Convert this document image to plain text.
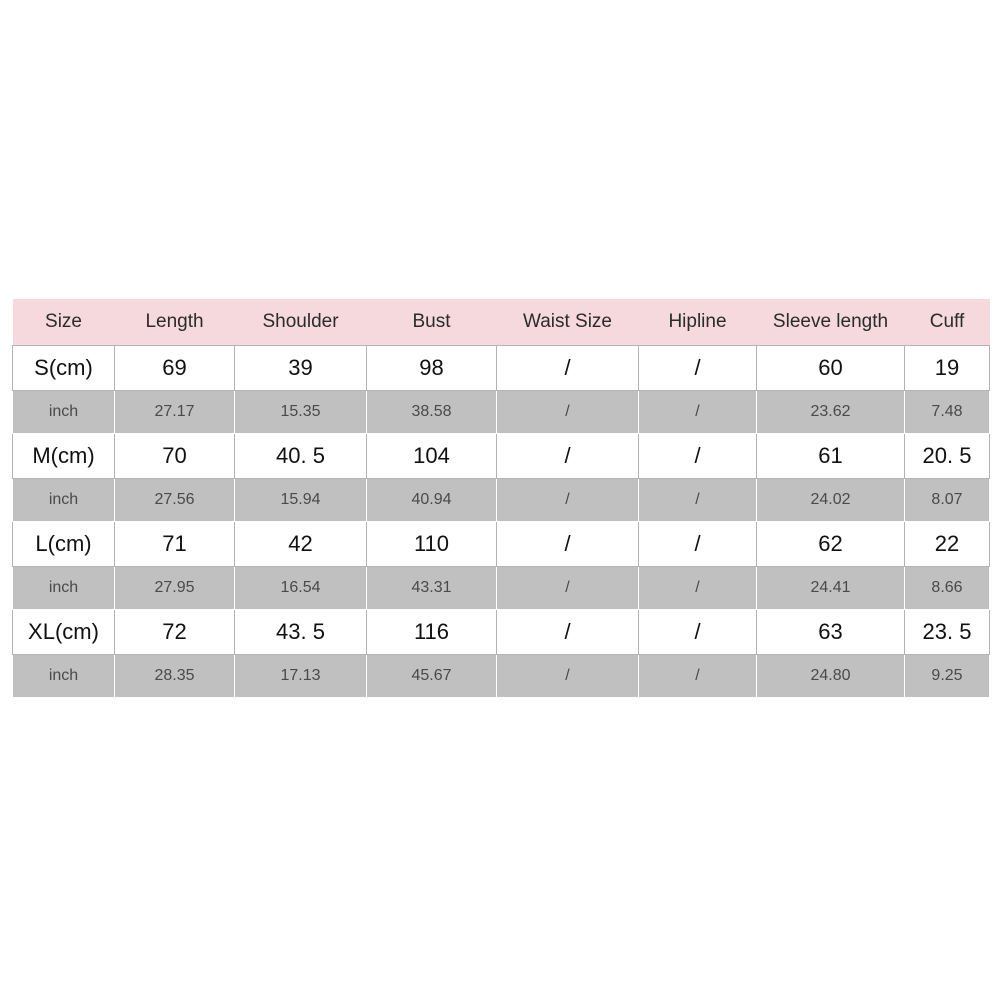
Size	Length	Shoulder	Bust	Waist Size	Hipline	Sleeve length	Cuff
S(cm)	69	39	98	/	/	60	19
inch	27.17	15.35	38.58	/	/	23.62	7.48
M(cm)	70	40. 5	104	/	/	61	20. 5
inch	27.56	15.94	40.94	/	/	24.02	8.07
L(cm)	71	42	110	/	/	62	22
inch	27.95	16.54	43.31	/	/	24.41	8.66
XL(cm)	72	43. 5	116	/	/	63	23. 5
inch	28.35	17.13	45.67	/	/	24.80	9.25
